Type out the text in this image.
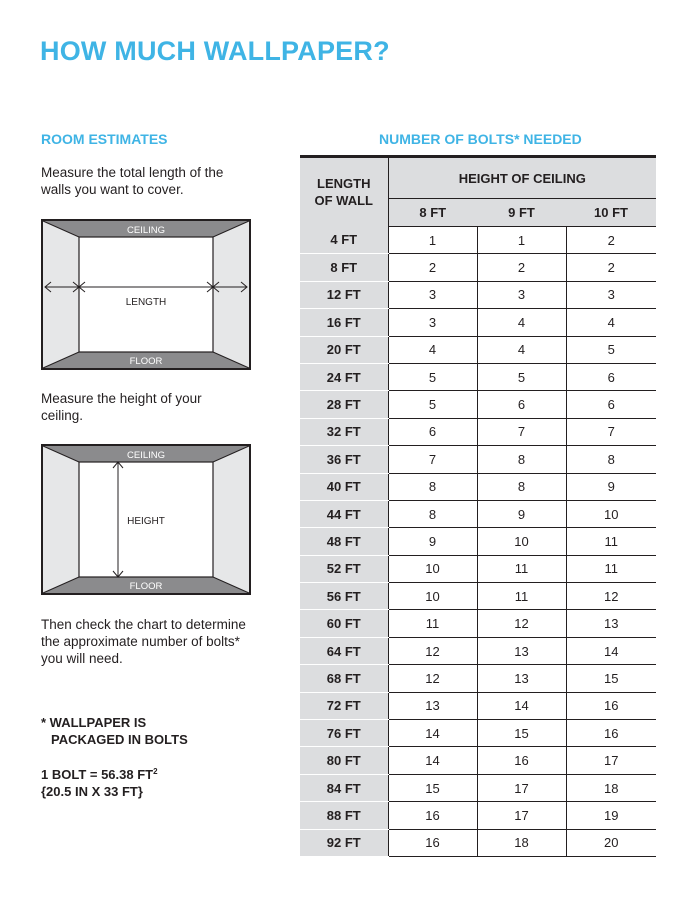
HOW MUCH WALLPAPER?
ROOM ESTIMATES	NUMBER OF BOLTS* NEEDED

Measure the total length of the walls you want to cover.

CEILING
FLOOR
LENGTH

Measure the height of your ceiling.

CEILING
FLOOR
HEIGHT

Then check the chart to determine the approximate number of bolts* you will need.

* WALLPAPER IS
PACKAGED IN BOLTS

1 BOLT = 56.38 $FT^2$
{20.5 IN X 33 FT}

LENGTH
OF WALL	HEIGHT OF CEILING		
	8 FT	9 FT	10 FT
4 FT	1	1	2
8 FT	2	2	2
12 FT	3	3	3
16 FT	3	4	4
20 FT	4	4	5
24 FT	5	5	6
28 FT	5	6	6
32 FT	6	7	7
36 FT	7	8	8
40 FT	8	8	9
44 FT	8	9	10
48 FT	9	10	11
52 FT	10	11	11
56 FT	10	11	12
60 FT	11	12	13
64 FT	12	13	14
68 FT	12	13	15
72 FT	13	14	16
76 FT	14	15	16
80 FT	14	16	17
84 FT	15	17	18
88 FT	16	17	19
92 FT	16	18	20
